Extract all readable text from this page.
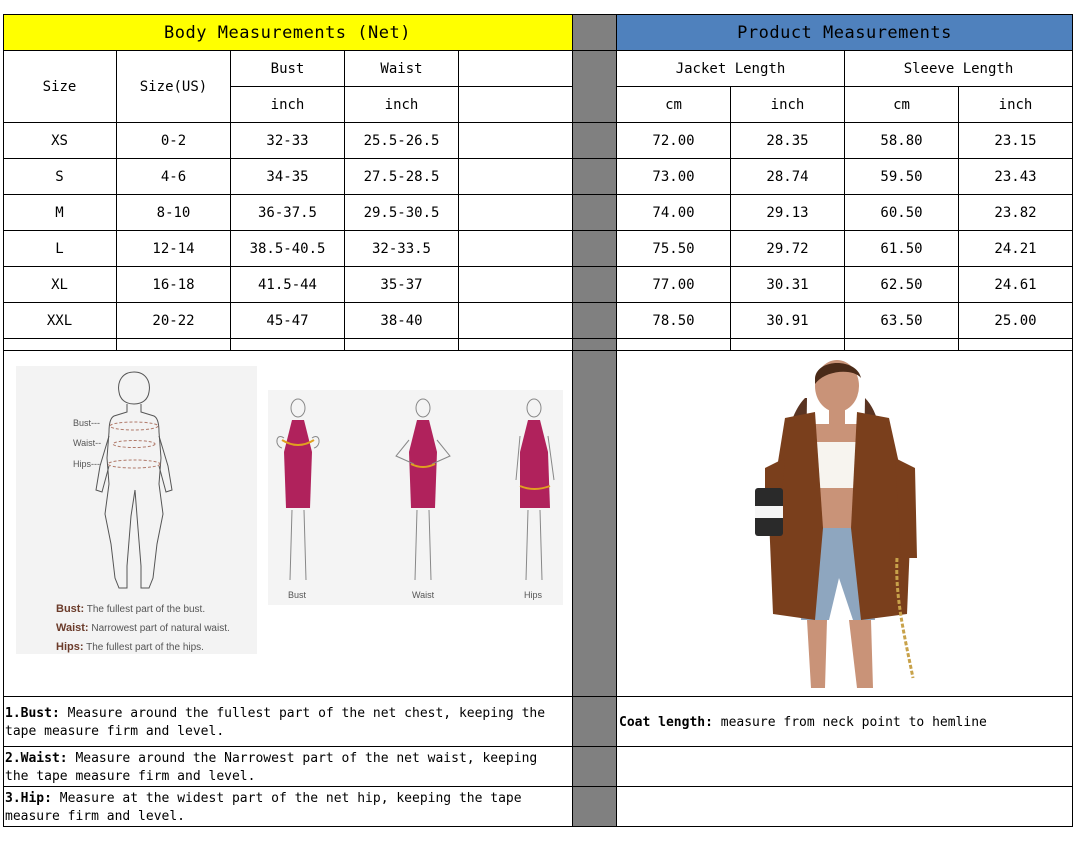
Body Measurements (Net)	Product Measurements
Size	Size(US)
Bust	Waist
inch	inch
Jacket Length	Sleeve Length
cm	inch	cm	inch
XS	0-2	32-33	25.5-26.5	72.00	28.35	58.80	23.15
S	4-6	34-35	27.5-28.5	73.00	28.74	59.50	23.43
M	8-10	36-37.5	29.5-30.5	74.00	29.13	60.50	23.82
L	12-14	38.5-40.5	32-33.5	75.50	29.72	61.50	24.21
XL	16-18	41.5-44	35-37	77.00	30.31	62.50	24.61
XXL	20-22	45-47	38-40	78.50	30.91	63.50	25.00
Bust---
Waist--
Hips---
Bust: The fullest part of the bust.
Waist: Narrowest part of natural waist.
Hips: The fullest part of the hips.
Bust	Waist	Hips
1.Bust: Measure around the fullest part of the net chest, keeping the tape measure firm and level.
2.Waist: Measure around the Narrowest part of the net waist, keeping the tape measure firm and level.
3.Hip: Measure at the widest part of the net hip, keeping the tape measure firm and level.
Coat length: measure from neck point to hemline
